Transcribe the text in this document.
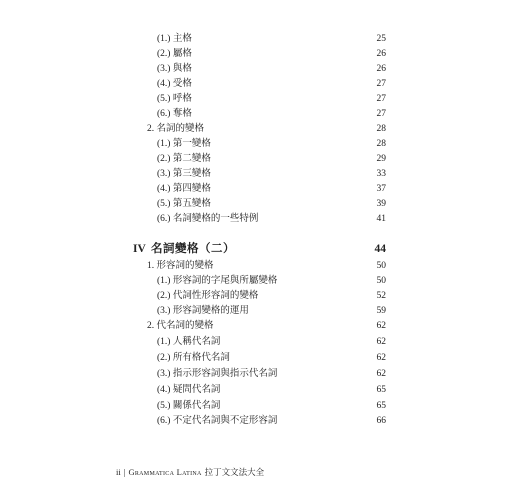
(1.) 主格	25
(2.) 屬格	26
(3.) 與格	26
(4.) 受格	27
(5.) 呼格	27
(6.) 奪格	27
2. 名詞的變格	28
(1.) 第一變格	28
(2.) 第二變格	29
(3.) 第三變格	33
(4.) 第四變格	37
(5.) 第五變格	39
(6.) 名詞變格的一些特例	41
IV 名詞變格（二）	44
1. 形容詞的變格	50
(1.) 形容詞的字尾與所屬變格	50
(2.) 代詞性形容詞的變格	52
(3.) 形容詞變格的運用	59
2. 代名詞的變格	62
(1.) 人稱代名詞	62
(2.) 所有格代名詞	62
(3.) 指示形容詞與指示代名詞	62
(4.) 疑問代名詞	65
(5.) 關係代名詞	65
(6.) 不定代名詞與不定形容詞	66
ii | Grammatica Latina 拉丁文文法大全
